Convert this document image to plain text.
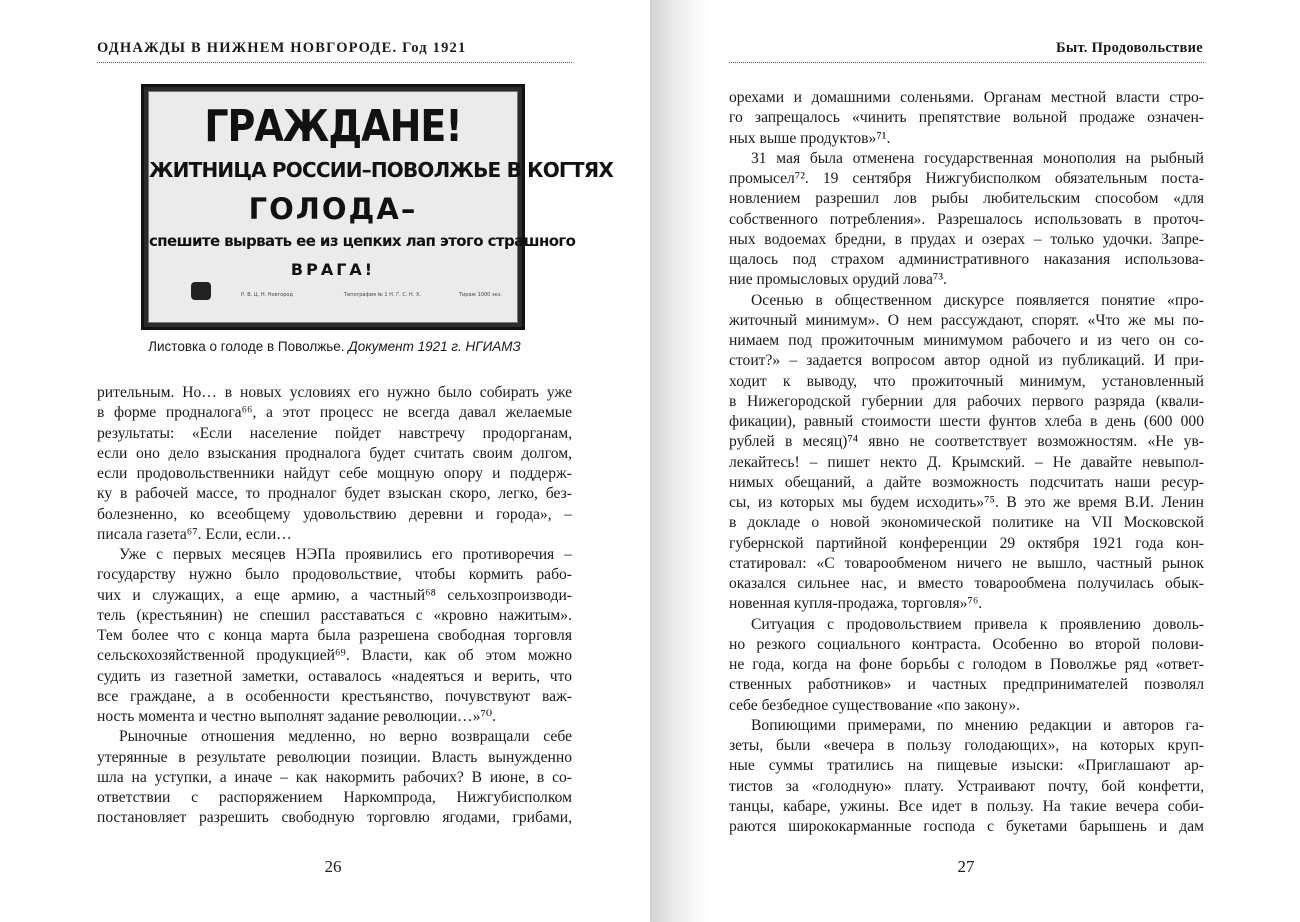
ОДНАЖДЫ В НИЖНЕМ НОВГОРОДЕ. Год 1921
ГРАЖДАНЕ!
ЖИТНИЦА РОССИИ–ПОВОЛЖЬЕ В КОГТЯХ
ГОЛОДА–
спешите вырвать ее из цепких лап этого страшного
ВРАГА!
Р. В. Ц. Н. Новгород	Типография № 1 Н. Г. С. Н. Х.	Тираж 1000 экз.
Листовка о голоде в Поволжье. Документ 1921 г. НГИАМЗ
рительным. Но… в новых условиях его нужно было собирать уже
в форме продналога⁶⁶, а этот процесс не всегда давал желаемые
результаты: «Если население пойдет навстречу продорганам,
если оно дело взыскания продналога будет считать своим долгом,
если продовольственники найдут себе мощную опору и поддерж-
ку в рабочей массе, то продналог будет взыскан скоро, легко, без-
болезненно, ко всеобщему удовольствию деревни и города», –
писала газета⁶⁷. Если, если…
Уже с первых месяцев НЭПа проявились его противоречия –
государству нужно было продовольствие, чтобы кормить рабо-
чих и служащих, а еще армию, а частный⁶⁸ сельхозпроизводи-
тель (крестьянин) не спешил расставаться с «кровно нажитым».
Тем более что с конца марта была разрешена свободная торговля
сельскохозяйственной продукцией⁶⁹. Власти, как об этом можно
судить из газетной заметки, оставалось «надеяться и верить, что
все граждане, а в особенности крестьянство, почувствуют важ-
ность момента и честно выполнят задание революции…»⁷⁰.
Рыночные отношения медленно, но верно возвращали себе
утерянные в результате революции позиции. Власть вынужденно
шла на уступки, а иначе – как накормить рабочих? В июне, в со-
ответствии с распоряжением Наркомпрода, Нижгубисполком
постановляет разрешить свободную торговлю ягодами, грибами,
26
Быт. Продовольствие
орехами и домашними соленьями. Органам местной власти стро-
го запрещалось «чинить препятствие вольной продаже означен-
ных выше продуктов»⁷¹.
31 мая была отменена государственная монополия на рыбный
промысел⁷². 19 сентября Нижгубисполком обязательным поста-
новлением разрешил лов рыбы любительским способом «для
собственного потребления». Разрешалось использовать в проточ-
ных водоемах бредни, в прудах и озерах – только удочки. Запре-
щалось под страхом административного наказания использова-
ние промысловых орудий лова⁷³.
Осенью в общественном дискурсе появляется понятие «про-
житочный минимум». О нем рассуждают, спорят. «Что же мы по-
нимаем под прожиточным минимумом рабочего и из чего он со-
стоит?» – задается вопросом автор одной из публикаций. И при-
ходит к выводу, что прожиточный минимум, установленный
в Нижегородской губернии для рабочих первого разряда (квали-
фикации), равный стоимости шести фунтов хлеба в день (600 000
рублей в месяц)⁷⁴ явно не соответствует возможностям. «Не ув-
лекайтесь! – пишет некто Д. Крымский. – Не давайте невыпол-
нимых обещаний, а дайте возможность подсчитать наши ресур-
сы, из которых мы будем исходить»⁷⁵. В это же время В.И. Ленин
в докладе о новой экономической политике на VII Московской
губернской партийной конференции 29 октября 1921 года кон-
статировал: «С товарообменом ничего не вышло, частный рынок
оказался сильнее нас, и вместо товарообмена получилась обык-
новенная купля-продажа, торговля»⁷⁶.
Ситуация с продовольствием привела к проявлению доволь-
но резкого социального контраста. Особенно во второй полови-
не года, когда на фоне борьбы с голодом в Поволжье ряд «ответ-
ственных работников» и частных предпринимателей позволял
себе безбедное существование «по закону».
Вопиющими примерами, по мнению редакции и авторов га-
зеты, были «вечера в пользу голодающих», на которых круп-
ные суммы тратились на пищевые изыски: «Приглашают ар-
тистов за «голодную» плату. Устраивают почту, бой конфетти,
танцы, кабаре, ужины. Все идет в пользу. На такие вечера соби-
раются ширококарманные господа с букетами барышень и дам
27
